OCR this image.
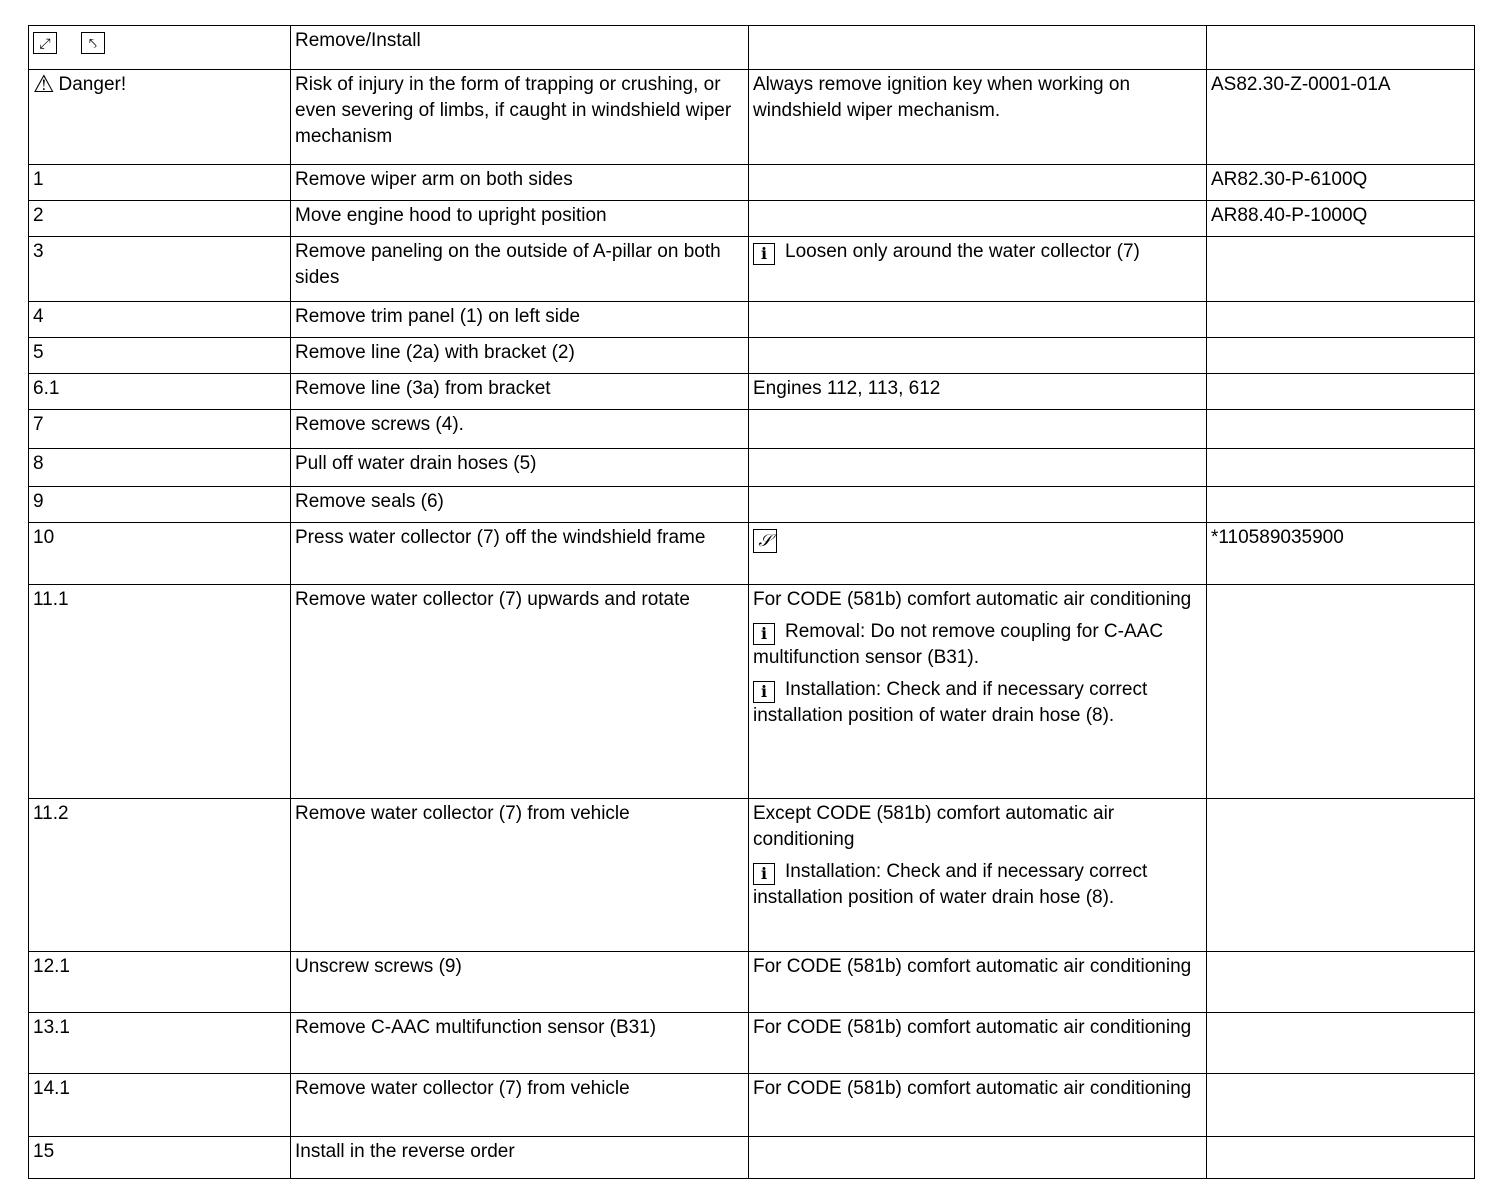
⤢ ⤣	Remove/Install		
⚠ Danger!	Risk of injury in the form of trapping or crushing, or even severing of limbs, if caught in windshield wiper mechanism	Always remove ignition key when working on windshield wiper mechanism.	AS82.30-Z-0001-01A
1	Remove wiper arm on both sides		AR82.30-P-6100Q
2	Move engine hood to upright position		AR88.40-P-1000Q
3	Remove paneling on the outside of A-pillar on both sides	i Loosen only around the water collector (7)	
4	Remove trim panel (1) on left side		
5	Remove line (2a) with bracket (2)		
6.1	Remove line (3a) from bracket	Engines 112, 113, 612	
7	Remove screws (4).		
8	Pull off water drain hoses (5)		
9	Remove seals (6)		
10	Press water collector (7) off the windshield frame	𝒮	*110589035900
11.1	Remove water collector (7) upwards and rotate	For CODE (581b) comfort automatic air conditioning
i Removal: Do not remove coupling for C-AAC multifunction sensor (B31).
i Installation: Check and if necessary correct installation position of water drain hose (8).	

11.2	Remove water collector (7) from vehicle	Except CODE (581b) comfort automatic air conditioning
i Installation: Check and if necessary correct installation position of water drain hose (8).	

12.1	Unscrew screws (9)	For CODE (581b) comfort automatic air conditioning	
13.1	Remove C-AAC multifunction sensor (B31)	For CODE (581b) comfort automatic air conditioning	
14.1	Remove water collector (7) from vehicle	For CODE (581b) comfort automatic air conditioning	
15	Install in the reverse order		
